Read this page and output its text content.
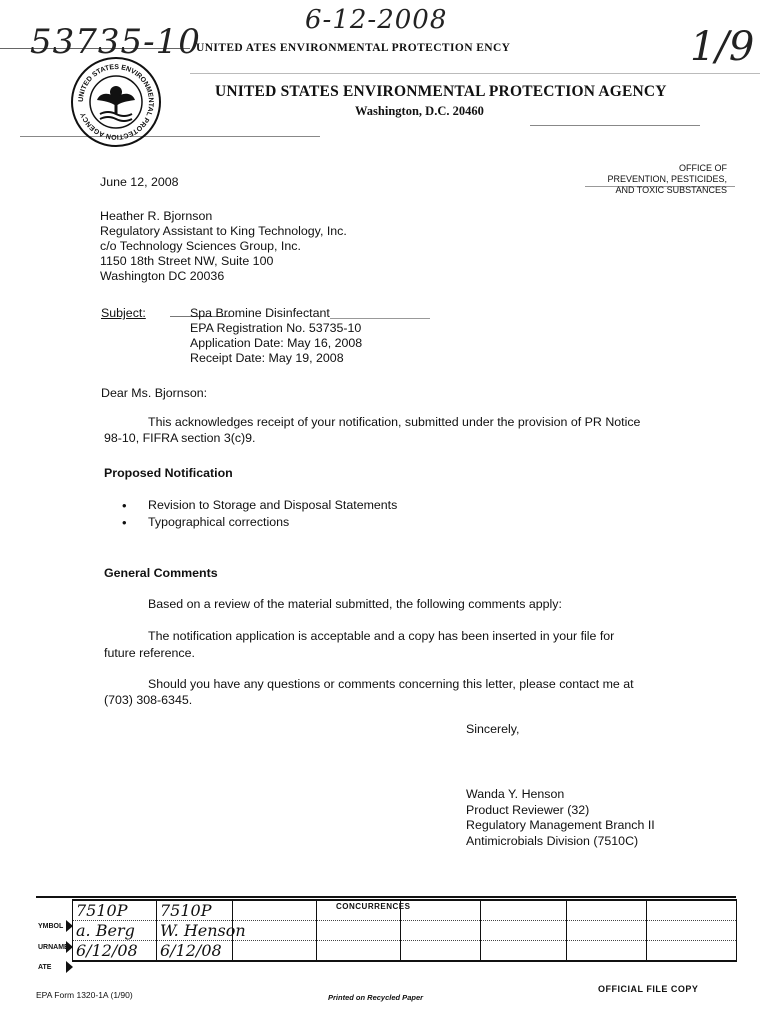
53735-10
6-12-2008
1/9
UNITED ATES ENVIRONMENTAL PROTECTION ENCY
UNITED STATES ENVIRONMENTAL PROTECTION AGENCY
UNITED STATES ENVIRONMENTAL PROTECTION AGENCY
Washington, D.C. 20460
OFFICE OF
PREVENTION, PESTICIDES,
AND TOXIC SUBSTANCES
June 12, 2008
Heather R. Bjornson
Regulatory Assistant to King Technology, Inc.
c/o Technology Sciences Group, Inc.
1150 18th Street NW, Suite 100
Washington DC 20036
Subject:	Spa Bromine Disinfectant
EPA Registration No. 53735-10
Application Date: May 16, 2008
Receipt Date: May 19, 2008
Dear Ms. Bjornson:
This acknowledges receipt of your notification, submitted under the provision of PR Notice
98-10, FIFRA section 3(c)9.
Proposed Notification
• Revision to Storage and Disposal Statements
• Typographical corrections
General Comments
Based on a review of the material submitted, the following comments apply:
The notification application is acceptable and a copy has been inserted in your file for
future reference.
Should you have any questions or comments concerning this letter, please contact me at
(703) 308-6345.
Sincerely,
Wanda Y. Henson
Product Reviewer (32)
Regulatory Management Branch II
Antimicrobials Division (7510C)
CONCURRENCES
YMBOL
URNAME
ATE
7510P	7510P						
a. Berg	W. Henson						
6/12/08	6/12/08						
EPA Form 1320-1A (1/90)	Printed on Recycled Paper
OFFICIAL FILE COPY
